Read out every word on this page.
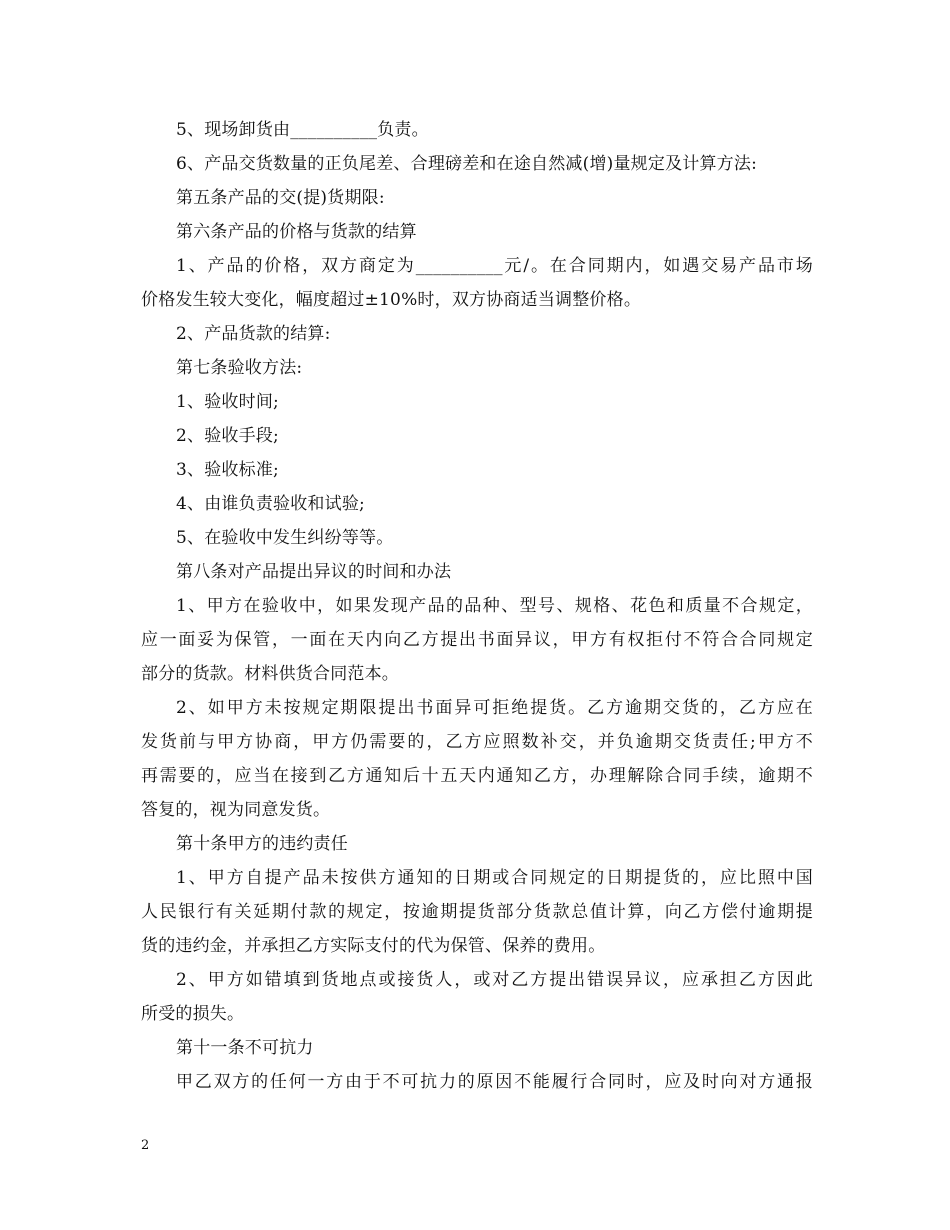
5、现场卸货由__________负责。
6、产品交货数量的正负尾差、合理磅差和在途自然减(增)量规定及计算方法:
第五条产品的交(提)货期限:
第六条产品的价格与货款的结算
1、产品的价格，双方商定为__________元/。在合同期内，如遇交易产品市场
价格发生较大变化，幅度超过±10%时，双方协商适当调整价格。
2、产品货款的结算:
第七条验收方法:
1、验收时间;
2、验收手段;
3、验收标准;
4、由谁负责验收和试验;
5、在验收中发生纠纷等等。
第八条对产品提出异议的时间和办法
1、甲方在验收中，如果发现产品的品种、型号、规格、花色和质量不合规定，
应一面妥为保管，一面在天内向乙方提出书面异议，甲方有权拒付不符合合同规定
部分的货款。材料供货合同范本。
2、如甲方未按规定期限提出书面异可拒绝提货。乙方逾期交货的，乙方应在
发货前与甲方协商，甲方仍需要的，乙方应照数补交，并负逾期交货责任;甲方不
再需要的，应当在接到乙方通知后十五天内通知乙方，办理解除合同手续，逾期不
答复的，视为同意发货。
第十条甲方的违约责任
1、甲方自提产品未按供方通知的日期或合同规定的日期提货的，应比照中国
人民银行有关延期付款的规定，按逾期提货部分货款总值计算，向乙方偿付逾期提
货的违约金，并承担乙方实际支付的代为保管、保养的费用。
2、甲方如错填到货地点或接货人，或对乙方提出错误异议，应承担乙方因此
所受的损失。
第十一条不可抗力
甲乙双方的任何一方由于不可抗力的原因不能履行合同时，应及时向对方通报
2
